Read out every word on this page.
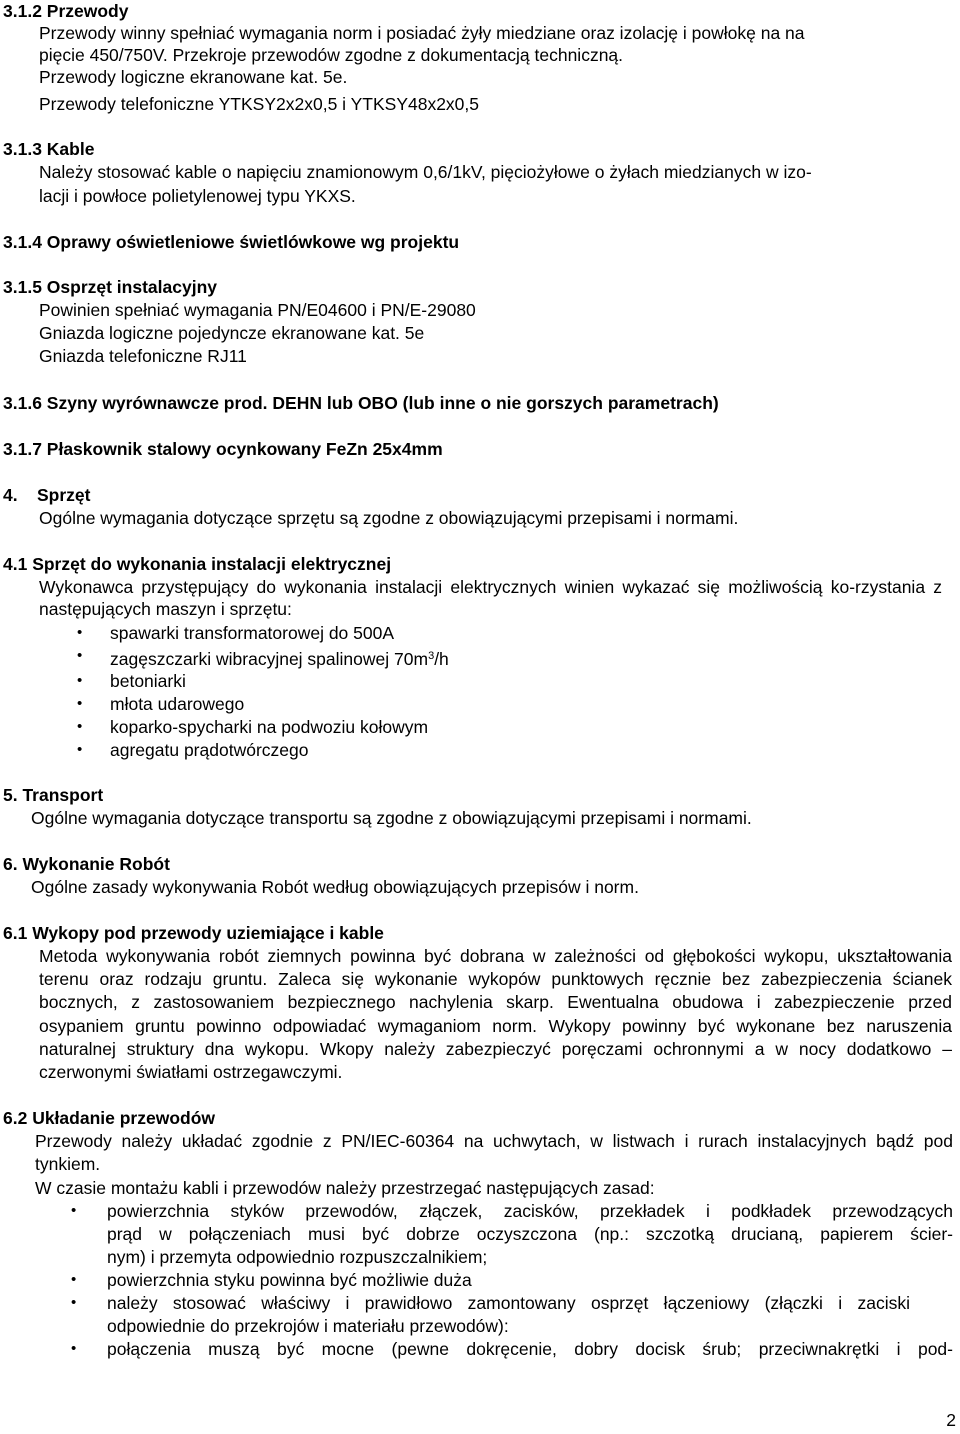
3.1.2 Przewody
Przewody winny spełniać wymagania norm i posiadać żyły miedziane oraz izolację i powłokę na na
pięcie 450/750V. Przekroje przewodów zgodne z dokumentacją techniczną.
Przewody logiczne ekranowane kat. 5e.
Przewody telefoniczne YTKSY2x2x0,5 i YTKSY48x2x0,5
3.1.3 Kable
Należy stosować kable o napięciu znamionowym 0,6/1kV, pięciożyłowe o żyłach miedzianych w izo-
lacji i powłoce polietylenowej typu YKXS.
3.1.4 Oprawy oświetleniowe świetlówkowe wg projektu
3.1.5 Osprzęt instalacyjny
Powinien spełniać wymagania PN/E04600 i PN/E-29080
Gniazda logiczne pojedyncze ekranowane kat. 5e
Gniazda telefoniczne RJ11
3.1.6 Szyny wyrównawcze prod. DEHN lub OBO (lub inne o nie gorszych parametrach)
3.1.7 Płaskownik stalowy ocynkowany FeZn 25x4mm
4. Sprzęt
Ogólne wymagania dotyczące sprzętu są zgodne z obowiązującymi przepisami i normami.
4.1 Sprzęt do wykonania instalacji elektrycznej
Wykonawca przystępujący do wykonania instalacji elektrycznych winien wykazać się możliwością ko-rzystania z następujących maszyn i sprzętu:
• spawarki transformatorowej do 500A
• zagęszczarki wibracyjnej spalinowej $70m^3/h$
• betoniarki
• młota udarowego
• koparko-spycharki na podwoziu kołowym
• agregatu prądotwórczego
5. Transport
Ogólne wymagania dotyczące transportu są zgodne z obowiązującymi przepisami i normami.
6. Wykonanie Robót
Ogólne zasady wykonywania Robót według obowiązujących przepisów i norm.
6.1 Wykopy pod przewody uziemiające i kable
Metoda wykonywania robót ziemnych powinna być dobrana w zależności od głębokości wykopu, ukształtowania terenu oraz rodzaju gruntu. Zaleca się wykonanie wykopów punktowych ręcznie bez zabezpieczenia ścianek bocznych, z zastosowaniem bezpiecznego nachylenia skarp. Ewentualna obudowa i zabezpieczenie przed osypaniem gruntu powinno odpowiadać wymaganiom norm. Wykopy powinny być wykonane bez naruszenia naturalnej struktury dna wykopu. Wkopy należy zabezpieczyć poręczami ochronnymi a w nocy dodatkowo – czerwonymi światłami ostrzegawczymi.
6.2 Układanie przewodów
Przewody należy układać zgodnie z PN/IEC-60364 na uchwytach, w listwach i rurach instalacyjnych bądź pod tynkiem.
W czasie montażu kabli i przewodów należy przestrzegać następujących zasad:
• powierzchnia styków przewodów, złączek, zacisków, przekładek i podkładek przewodzących
prąd w połączeniach musi być dobrze oczyszczona (np.: szczotką drucianą, papierem ścier-
nym) i przemyta odpowiednio rozpuszczalnikiem;
• powierzchnia styku powinna być możliwie duża
• należy stosować właściwy i prawidłowo zamontowany osprzęt łączeniowy (złączki i zaciski
odpowiednie do przekrojów i materiału przewodów):
• połączenia muszą być mocne (pewne dokręcenie, dobry docisk śrub; przeciwnakrętki i pod-
2
